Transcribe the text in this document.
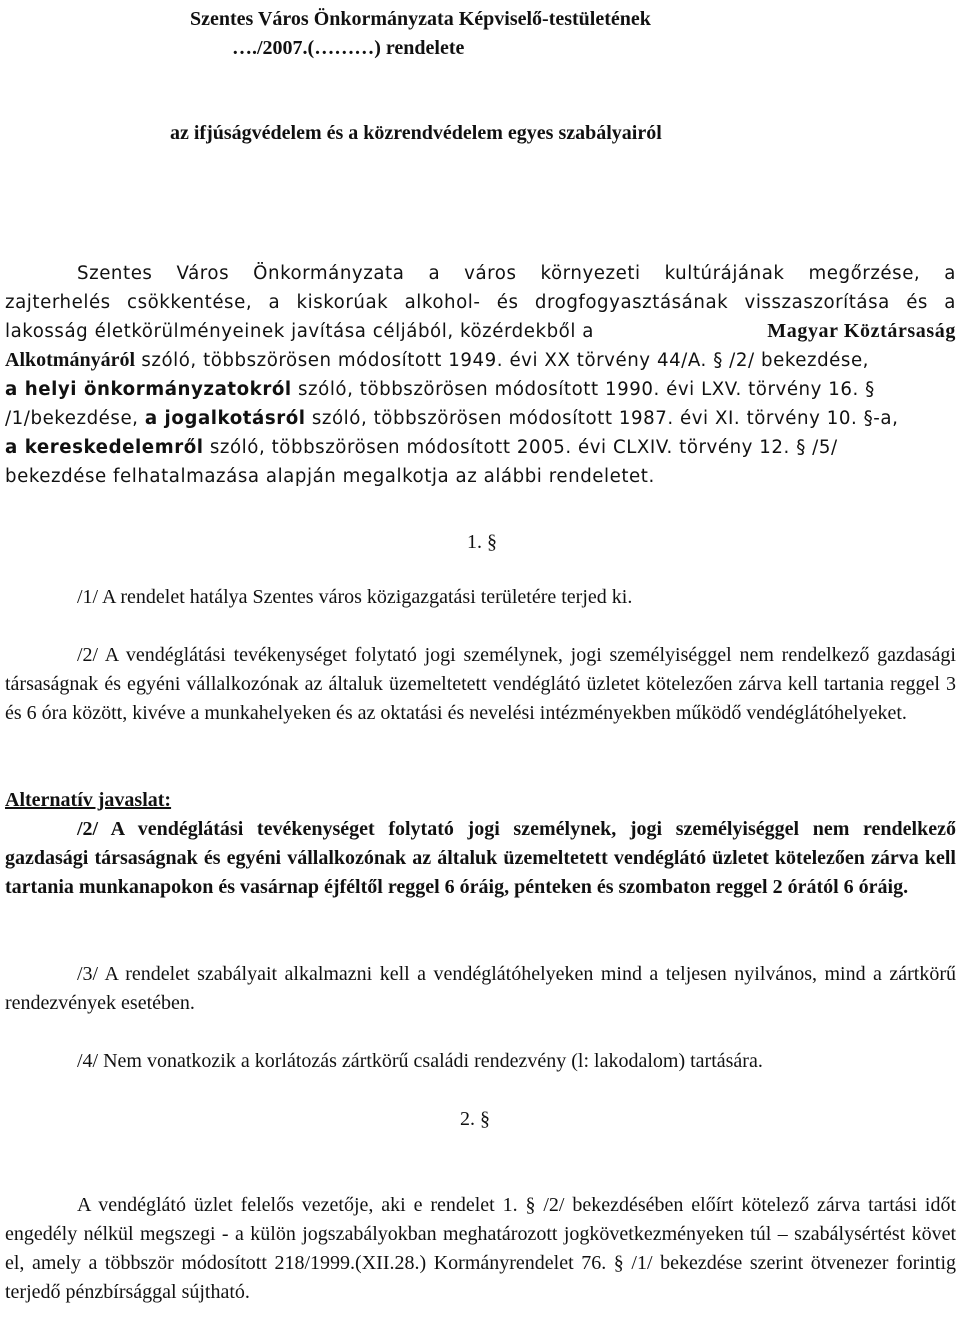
Szentes Város Önkormányzata Képviselő-testületének
…./2007.(………) rendelete
az ifjúságvédelem és a közrendvédelem egyes szabályairól
Szentes Város Önkormányzata a város környezeti kultúrájának megőrzése, a
zajterhelés csökkentése, a kiskorúak alkohol- és drogfogyasztásának visszaszorítása és a
lakosság életkörülményeinek javítása céljából, közérdekből a	Magyar Köztársaság
Alkotmányáról szóló, többszörösen módosított 1949. évi XX törvény 44/A. § /2/ bekezdése,
a helyi önkormányzatokról szóló, többszörösen módosított 1990. évi LXV. törvény 16. §
/1/bekezdése, a jogalkotásról szóló, többszörösen módosított 1987. évi XI. törvény 10. §-a,
a kereskedelemről szóló, többszörösen módosított 2005. évi CLXIV. törvény 12. § /5/
bekezdése felhatalmazása alapján megalkotja az alábbi rendeletet.
1. §

/1/ A rendelet hatálya Szentes város közigazgatási területére terjed ki.

/2/ A vendéglátási tevékenységet folytató jogi személynek, jogi személyiséggel nem rendelkező gazdasági társaságnak és egyéni vállalkozónak az általuk üzemeltetett vendéglátó üzletet kötelezően zárva kell tartania reggel 3 és 6 óra között, kivéve a munkahelyeken és az oktatási és nevelési intézményekben működő vendéglátóhelyeket.

Alternatív javaslat:

/2/ A vendéglátási tevékenységet folytató jogi személynek, jogi személyiséggel nem rendelkező gazdasági társaságnak és egyéni vállalkozónak az általuk üzemeltetett vendéglátó üzletet kötelezően zárva kell tartania munkanapokon és vasárnap éjféltől reggel 6 óráig, pénteken és szombaton reggel 2 órától 6 óráig.

/3/ A rendelet szabályait alkalmazni kell a vendéglátóhelyeken mind a teljesen nyilvános, mind a zártkörű rendezvények esetében.

/4/ Nem vonatkozik a korlátozás zártkörű családi rendezvény (l: lakodalom) tartására.

2. §

A vendéglátó üzlet felelős vezetője, aki e rendelet 1. § /2/ bekezdésében előírt kötelező zárva tartási időt engedély nélkül megszegi - a külön jogszabályokban meghatározott jogkövetkezményeken túl – szabálysértést követ el, amely a többször módosított 218/1999.(XII.28.) Kormányrendelet 76. § /1/ bekezdése szerint ötvenezer forintig terjedő pénzbírsággal sújtható.
